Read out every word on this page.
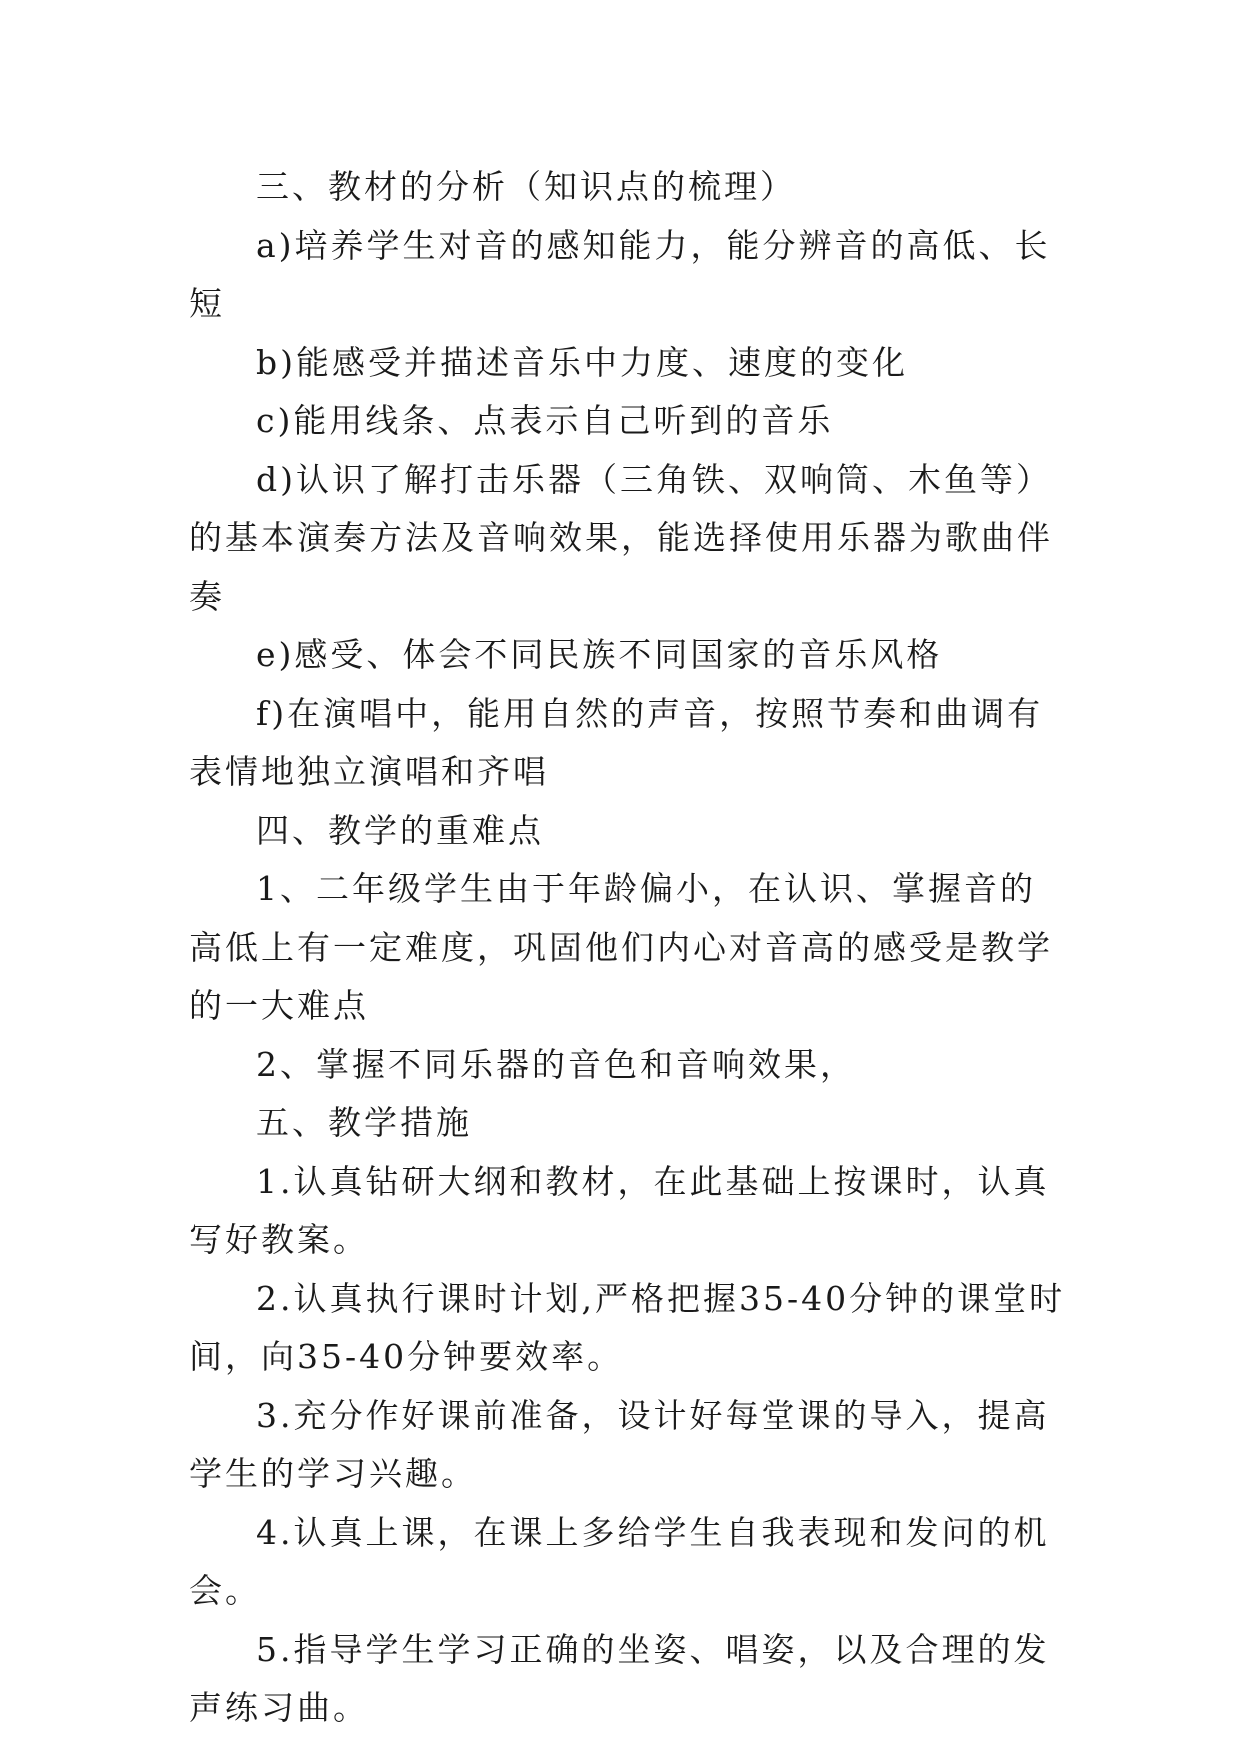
三、教材的分析（知识点的梳理）

a)培养学生对音的感知能力，能分辨音的高低、长短

b)能感受并描述音乐中力度、速度的变化

c)能用线条、点表示自己听到的音乐

d)认识了解打击乐器（三角铁、双响筒、木鱼等）的基本演奏方法及音响效果，能选择使用乐器为歌曲伴奏

e)感受、体会不同民族不同国家的音乐风格

f)在演唱中，能用自然的声音，按照节奏和曲调有表情地独立演唱和齐唱

四、教学的重难点

1、二年级学生由于年龄偏小，在认识、掌握音的高低上有一定难度，巩固他们内心对音高的感受是教学的一大难点

2、掌握不同乐器的音色和音响效果，

五、教学措施

1.认真钻研大纲和教材，在此基础上按课时，认真写好教案。

2.认真执行课时计划,严格把握35-40分钟的课堂时间，向35-40分钟要效率。

3.充分作好课前准备，设计好每堂课的导入，提高学生的学习兴趣。

4.认真上课，在课上多给学生自我表现和发问的机会。

5.指导学生学习正确的坐姿、唱姿，以及合理的发声练习曲。
